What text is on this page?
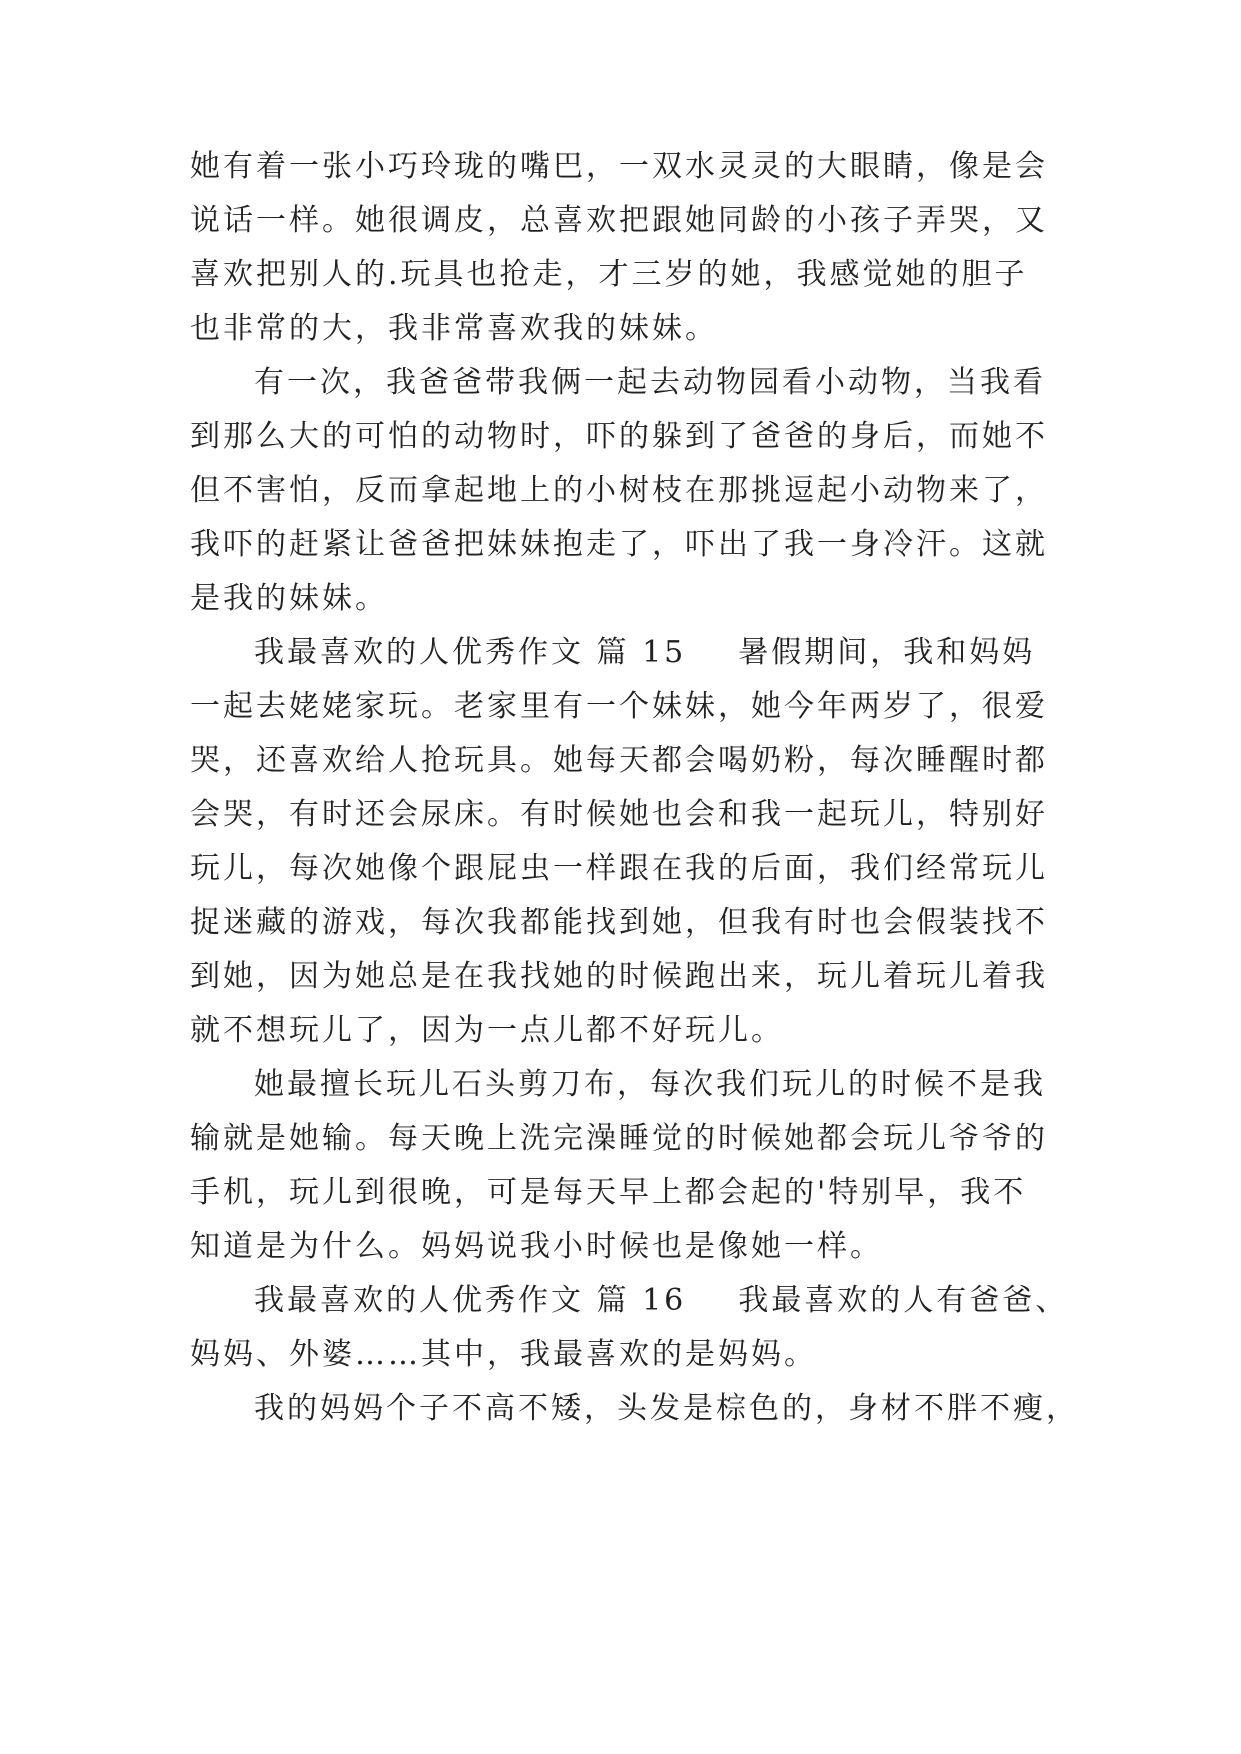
她有着一张小巧玲珑的嘴巴，一双水灵灵的大眼睛，像是会
说话一样。她很调皮，总喜欢把跟她同龄的小孩子弄哭，又
喜欢把别人的.玩具也抢走，才三岁的她，我感觉她的胆子
也非常的大，我非常喜欢我的妹妹。
有一次，我爸爸带我俩一起去动物园看小动物，当我看
到那么大的可怕的动物时，吓的躲到了爸爸的身后，而她不
但不害怕，反而拿起地上的小树枝在那挑逗起小动物来了，
我吓的赶紧让爸爸把妹妹抱走了，吓出了我一身冷汗。这就
是我的妹妹。
我最喜欢的人优秀作文 篇 15 暑假期间，我和妈妈
一起去姥姥家玩。老家里有一个妹妹，她今年两岁了，很爱
哭，还喜欢给人抢玩具。她每天都会喝奶粉，每次睡醒时都
会哭，有时还会尿床。有时候她也会和我一起玩儿，特别好
玩儿，每次她像个跟屁虫一样跟在我的后面，我们经常玩儿
捉迷藏的游戏，每次我都能找到她，但我有时也会假装找不
到她，因为她总是在我找她的时候跑出来，玩儿着玩儿着我
就不想玩儿了，因为一点儿都不好玩儿。
她最擅长玩儿石头剪刀布，每次我们玩儿的时候不是我
输就是她输。每天晚上洗完澡睡觉的时候她都会玩儿爷爷的
手机，玩儿到很晚，可是每天早上都会起的'特别早，我不
知道是为什么。妈妈说我小时候也是像她一样。
我最喜欢的人优秀作文 篇 16 我最喜欢的人有爸爸、
妈妈、外婆……其中，我最喜欢的是妈妈。
我的妈妈个子不高不矮，头发是棕色的，身材不胖不瘦，
